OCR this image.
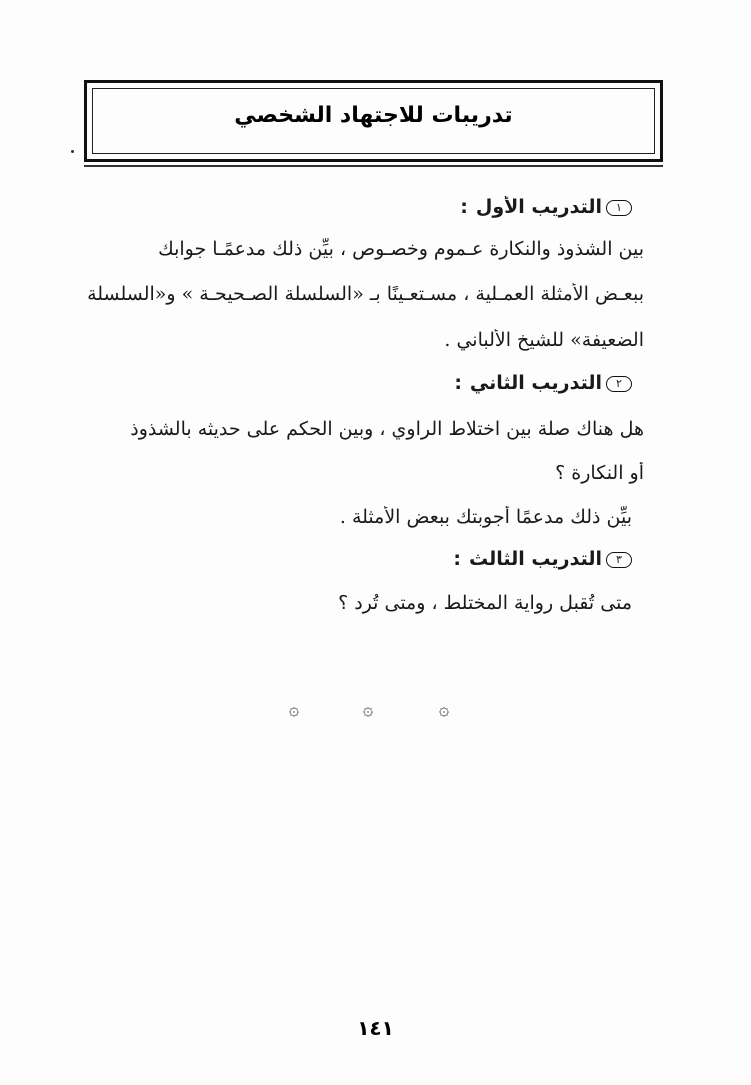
تدريبات للاجتهاد الشخصي
١التدريب الأول:
بين الشذوذ والنكارة عـموم وخصـوص ، بيِّن ذلك مدعمًـا جوابك
ببعـض الأمثلة العمـلية ، مسـتعـينًا بـ «السلسلة الصـحيحـة » و«السلسلة
الضعيفة» للشيخ الألباني .
٢التدريب الثاني:
هل هناك صلة بين اختلاط الراوي ، وبين الحكم على حديثه بالشذوذ
أو النكارة ؟
بيِّن ذلك مدعمًا أجوبتك ببعض الأمثلة .
٣التدريب الثالث:
متى تُقبل رواية المختلط ، ومتى تُرد ؟
۞	۞	۞
١٤١
